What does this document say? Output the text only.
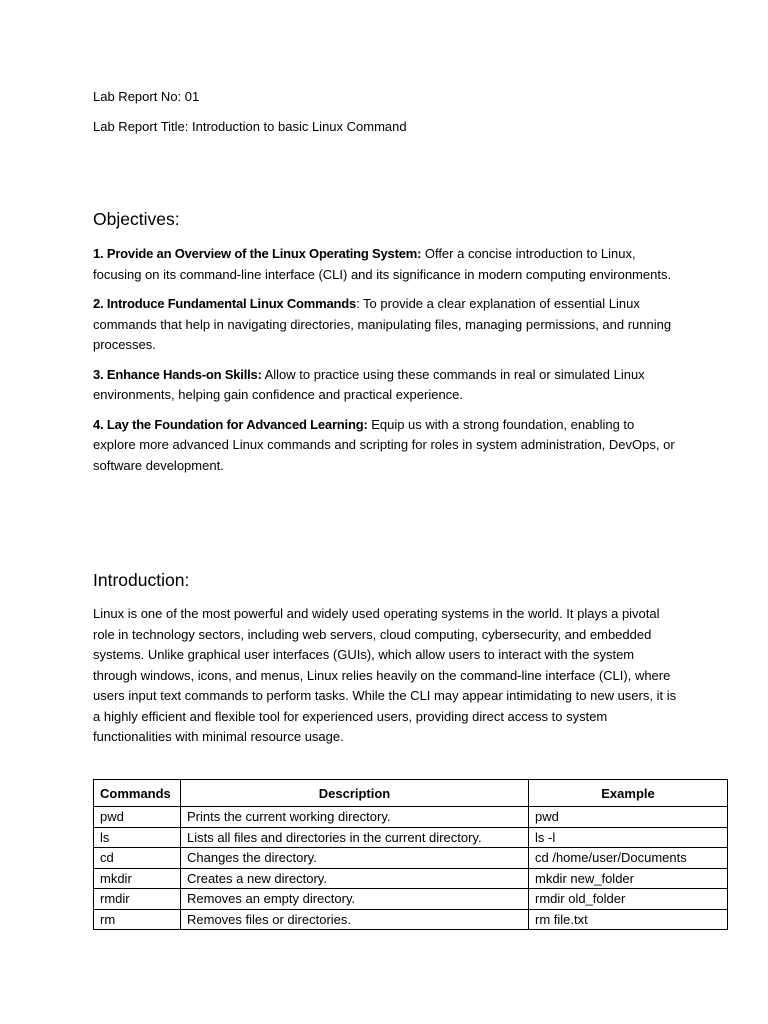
Lab Report No: 01
Lab Report Title: Introduction to basic Linux Command
Objectives:
1. Provide an Overview of the Linux Operating System: Offer a concise introduction to Linux, focusing on its command-line interface (CLI) and its significance in modern computing environments.
2. Introduce Fundamental Linux Commands: To provide a clear explanation of essential Linux commands that help in navigating directories, manipulating files, managing permissions, and running processes.
3. Enhance Hands-on Skills: Allow to practice using these commands in real or simulated Linux environments, helping gain confidence and practical experience.
4. Lay the Foundation for Advanced Learning: Equip us with a strong foundation, enabling to explore more advanced Linux commands and scripting for roles in system administration, DevOps, or software development.
Introduction:

Linux is one of the most powerful and widely used operating systems in the world. It plays a pivotal role in technology sectors, including web servers, cloud computing, cybersecurity, and embedded systems. Unlike graphical user interfaces (GUIs), which allow users to interact with the system through windows, icons, and menus, Linux relies heavily on the command-line interface (CLI), where users input text commands to perform tasks. While the CLI may appear intimidating to new users, it is a highly efficient and flexible tool for experienced users, providing direct access to system functionalities with minimal resource usage.

Commands	Description	Example
pwd	Prints the current working directory.	pwd
ls	Lists all files and directories in the current directory.	ls -l
cd	Changes the directory.	cd /home/user/Documents
mkdir	Creates a new directory.	mkdir new_folder
rmdir	Removes an empty directory.	rmdir old_folder
rm	Removes files or directories.	rm file.txt
